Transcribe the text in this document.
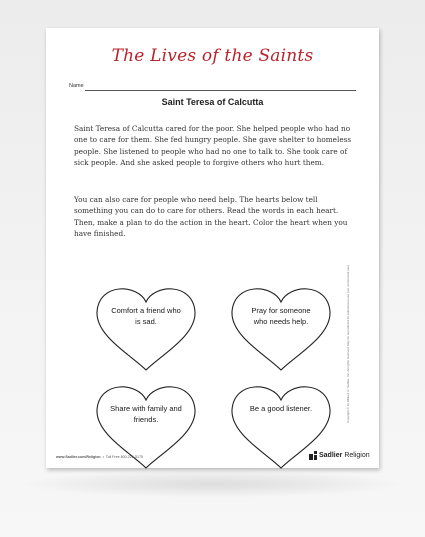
The Lives of the Saints
Name
Saint Teresa of Calcutta

Saint Teresa of Calcutta cared for the poor. She helped people who had no one to care for them. She fed hungry people. She gave shelter to homeless people. She listened to people who had no one to talk to. She took care of sick people. And she asked people to forgive others who hurt them.

You can also care for people who need help. The hearts below tell something you can do to care for others. Read the words in each heart. Then, make a plan to do the action in the heart. Color the heart when you have finished.

Comfort a friend who is sad.
Pray for someone who needs help.
Share with family and friends.
Be a good listener.	Copyright © by William H. Sadlier, Inc. All rights reserved. May be reproduced for educational use (not commercial use).
www.Sadlier.com/Religion  •  Toll Free 800-221-5175	Sadlier Religion
